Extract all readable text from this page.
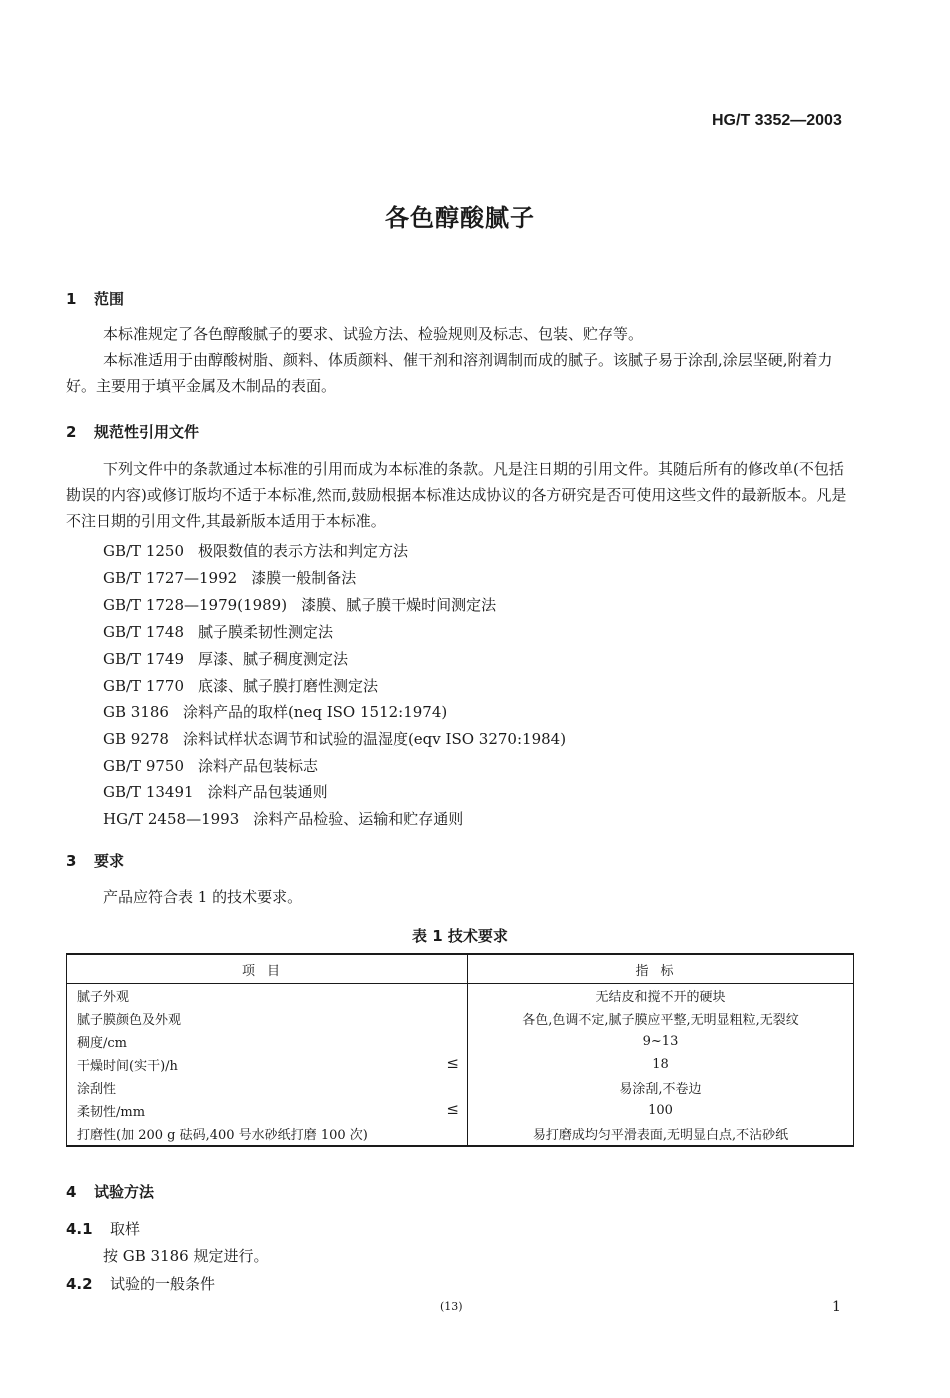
HG/T 3352—2003
各色醇酸腻子
1 范围
本标准规定了各色醇酸腻子的要求、试验方法、检验规则及标志、包装、贮存等。
本标准适用于由醇酸树脂、颜料、体质颜料、催干剂和溶剂调制而成的腻子。该腻子易于涂刮,涂层坚硬,附着力好。主要用于填平金属及木制品的表面。
2 规范性引用文件
下列文件中的条款通过本标准的引用而成为本标准的条款。凡是注日期的引用文件。其随后所有的修改单(不包括勘误的内容)或修订版均不适于本标准,然而,鼓励根据本标准达成协议的各方研究是否可使用这些文件的最新版本。凡是不注日期的引用文件,其最新版本适用于本标准。
GB/T 1250 极限数值的表示方法和判定方法
GB/T 1727—1992 漆膜一般制备法
GB/T 1728—1979(1989) 漆膜、腻子膜干燥时间测定法
GB/T 1748 腻子膜柔韧性测定法
GB/T 1749 厚漆、腻子稠度测定法
GB/T 1770 底漆、腻子膜打磨性测定法
GB 3186 涂料产品的取样(neq ISO 1512:1974)
GB 9278 涂料试样状态调节和试验的温湿度(eqv ISO 3270:1984)
GB/T 9750 涂料产品包装标志
GB/T 13491 涂料产品包装通则
HG/T 2458—1993 涂料产品检验、运输和贮存通则
3 要求
产品应符合表 1 的技术要求。
表 1 技术要求
项目	指标
腻子外观	无结皮和搅不开的硬块
腻子膜颜色及外观	各色,色调不定,腻子膜应平整,无明显粗粒,无裂纹
稠度/cm	9~13
干燥时间(实干)/h ≤	18
涂刮性	易涂刮,不卷边
柔韧性/mm ≤	100
打磨性(加 200 g 砝码,400 号水砂纸打磨 100 次)	易打磨成均匀平滑表面,无明显白点,不沾砂纸
4 试验方法
4.1 取样
按 GB 3186 规定进行。
4.2 试验的一般条件
(13)	1
